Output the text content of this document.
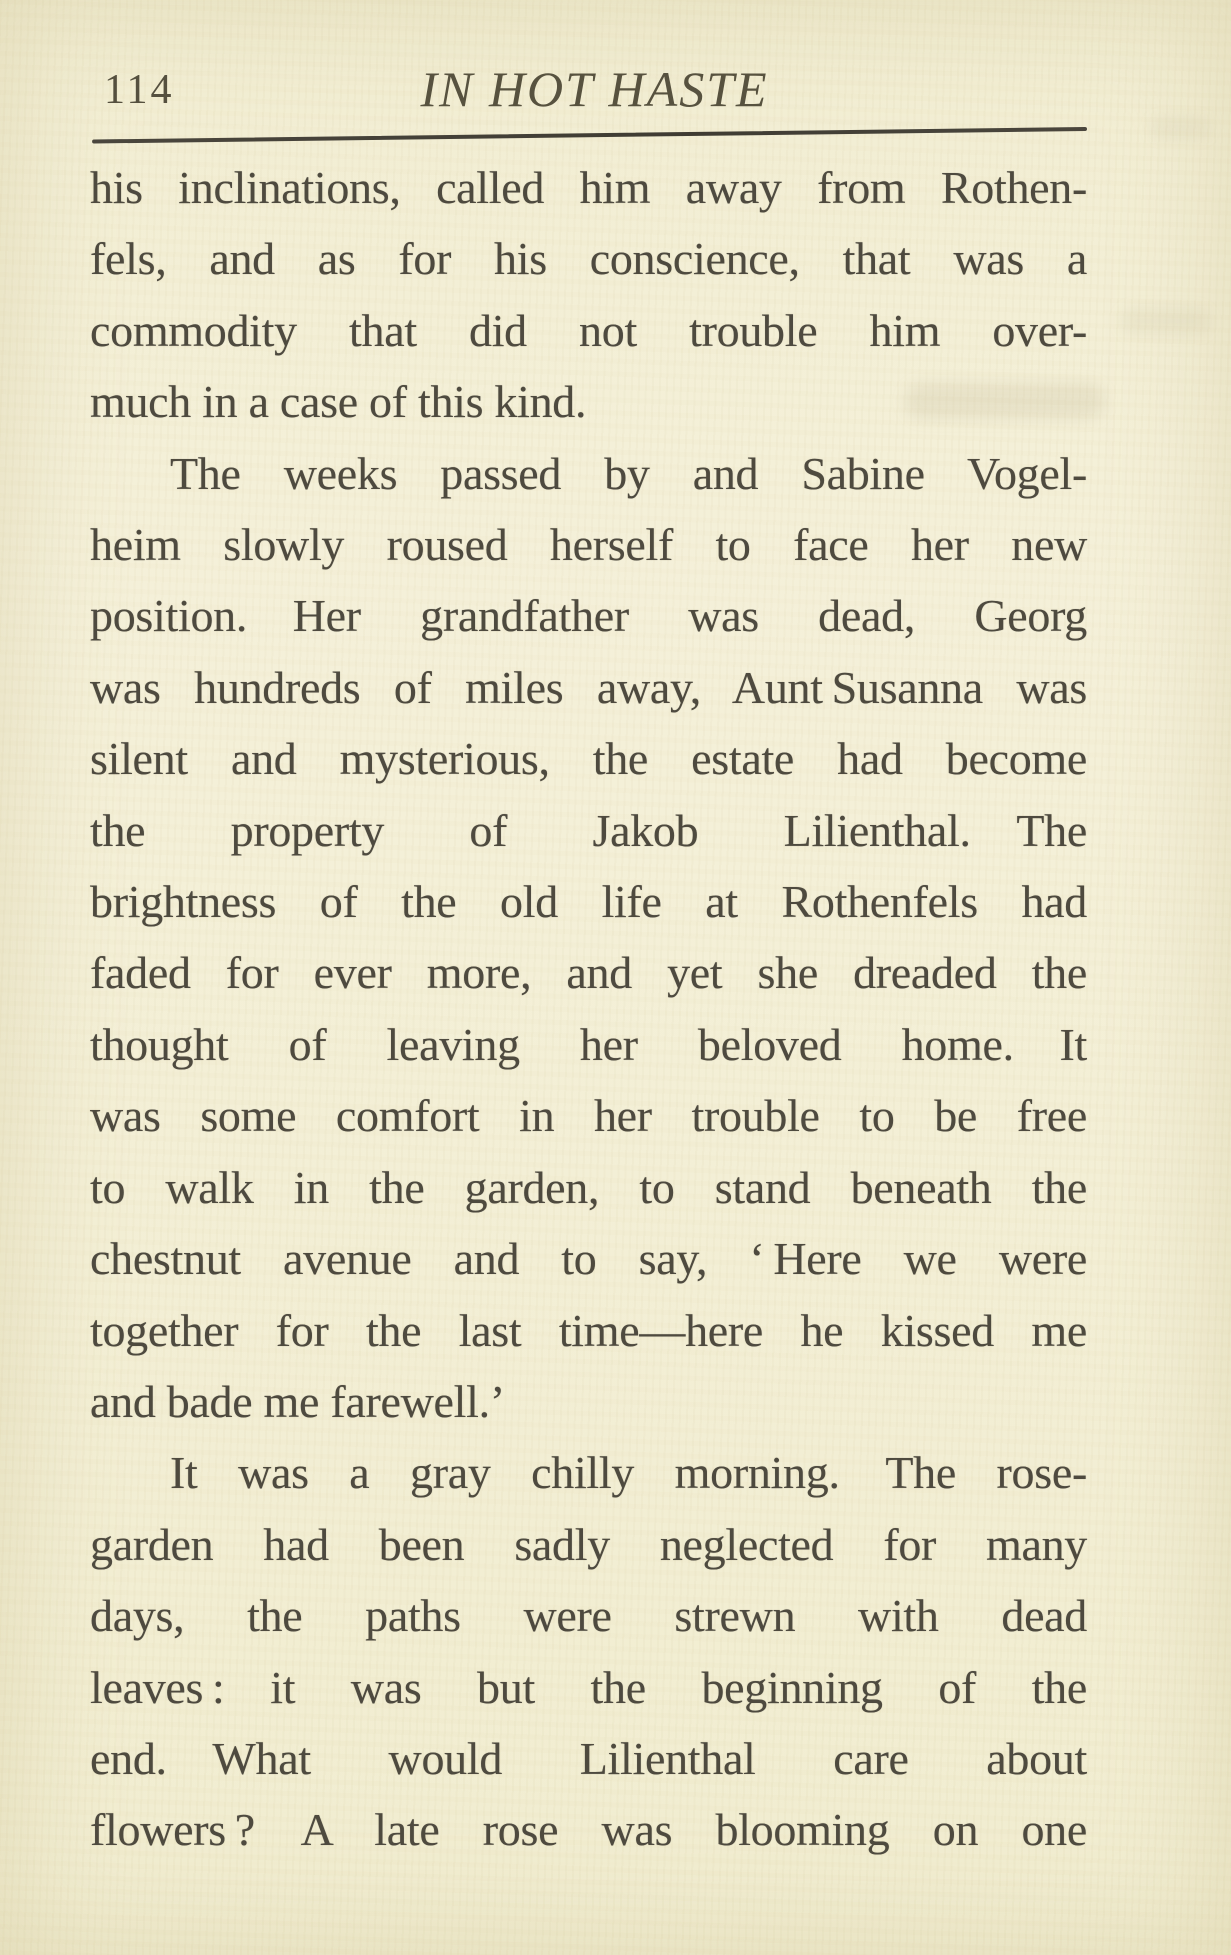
114	IN HOT HASTE
his inclinations, called him away from Rothen-
fels, and as for his conscience, that was a
commodity that did not trouble him over-
much in a case of this kind.
The weeks passed by and Sabine Vogel-
heim slowly roused herself to face her new
position. Her grandfather was dead, Georg
was hundreds of miles away, Aunt Susanna was
silent and mysterious, the estate had become
the property of Jakob Lilienthal. The
brightness of the old life at Rothenfels had
faded for ever more, and yet she dreaded the
thought of leaving her beloved home. It
was some comfort in her trouble to be free
to walk in the garden, to stand beneath the
chestnut avenue and to say, ‘ Here we were
together for the last time—here he kissed me
and bade me farewell.’
It was a gray chilly morning. The rose-
garden had been sadly neglected for many
days, the paths were strewn with dead
leaves : it was but the beginning of the
end. What would Lilienthal care about
flowers ? A late rose was blooming on one
